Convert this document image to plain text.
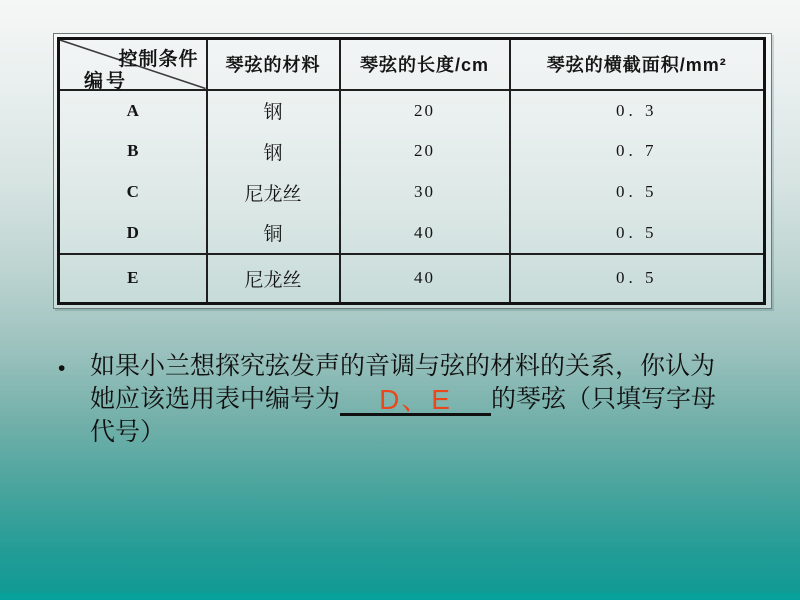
控制条件
编号	琴弦的材料	琴弦的长度/cm	琴弦的横截面积/mm²
A	钢	20	0. 3
B	钢	20	0. 7
C	尼龙丝	30	0. 5
D	铜	40	0. 5
E	尼龙丝	40	0. 5
• 如果小兰想探究弦发声的音调与弦的材料的关系，你认为
她应该选用表中编号为 D、E 的琴弦（只填写字母
代号）
